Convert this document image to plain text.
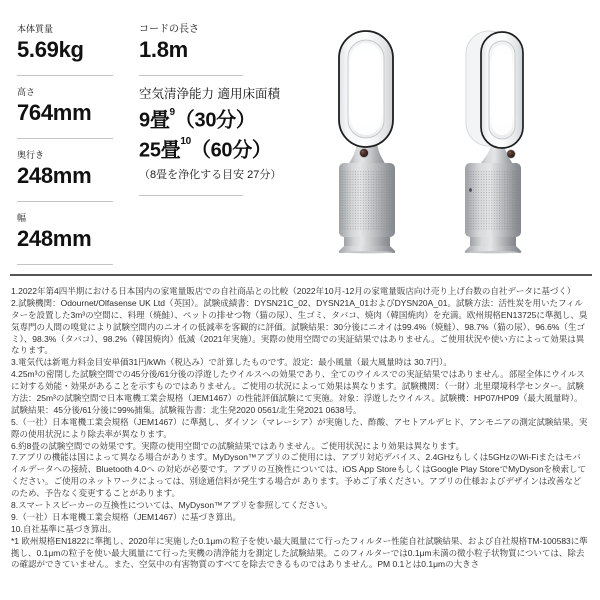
本体質量
5.69kg
高さ
764mm
奥行き
248mm
幅
248mm
コードの長さ
1.8m
空気清浄能力 適用床面積
9畳$^9$（30分）
25畳$^{10}$（60分）
（8畳を浄化する目安 27分）

1.2022年第4四半期における日本国内の家電量販店での自社商品との比較（2022年10月-12月の家電量販店向け売り上げ台数の自社データに基づく）

2.試験機関：Odournet/Olfasense UK Ltd（英国）。試験成績書：DYSN21C_02、DYSN21A_01およびDYSN20A_01。試験方法：活性炭を用いたフィルターを設置した3m³の空間に、料理（焼鮭）、ペットの排せつ物（猫の尿）、生ゴミ、タバコ、焼肉（韓国焼肉）を充満。欧州規格EN13725に準拠し、臭気専門の人間の嗅覚により試験空間内のニオイの低減率を客観的に評価。試験結果：30分後にニオイは99.4%（焼鮭）、98.7%（猫の尿）、96.6%（生ゴミ）、98.3%（タバコ）、98.2%（韓国焼肉）低減（2021年実施）。実際の使用空間での実証結果ではありません。ご使用状況や使い方によって効果は異なります。

3.電気代は新電力料金目安単価31円/kWh（税込み）で計算したものです。設定：最小風量（最大風量時は 30.7円）。

4.25m³の密閉した試験空間での45分後/61分後の浮遊したウイルスへの効果であり、全てのウイルスでの実証結果ではありません。部屋全体にウイルスに対する効能・効果があることを示すものではありません。ご使用の状況によって効果は異なります。試験機関：（一財）北里環境科学センター。試験方法：25m³の試験空間で日本電機工業会規格（JEM1467）の性能評価試験にて実施。対象：浮遊したウイルス。試験機：HP07/HP09（最大風量時）。試験結果：45分後/61分後に99%捕集。試験報告書：北生発2020 0561/北生発2021 0638号。

5.（一社）日本電機工業会規格（JEM1467）に準拠し、ダイソン（マレーシア）が実施した、酢酸、アセトアルデヒド、アンモニアの測定試験結果。実際の使用状況により除去率が異なります。

6.約8畳の試験空間での効果です。実際の使用空間での試験結果ではありません。ご使用状況により効果は異なります。

7.アプリの機能は国によって異なる場合があります。MyDyson™アプリのご使用には、アプリ対応デバイス、2.4GHzもしくは5GHzのWi-Fiまたはモバイルデータへの接続、Bluetooth 4.0へ の対応が必要です。アプリの互換性については、iOS App StoreもしくはGoogle Play StoreでMyDysonを検索してください。ご使用のネットワークによっては、別途通信料が発生する場合が あります。予めご了承ください。アプリの仕様およびデザインは改善などのため、予告なく変更することがあります。

8.スマートスピーカーの互換性については、MyDyson™アプリを参照してください。

9.（一社）日本電機工業会規格（JEM1467）に基づき算出。

10.自社基準に基づき算出。

*1 欧州規格EN1822に準拠し、2020年に実施した0.1μmの粒子を使い最大風量にて行ったフィルター性能自社試験結果、および自社規格TM-100583に準拠し、0.1μmの粒子を使い最大風量にて行った実機の清浄能力を測定した試験結果。このフィルターでは0.1μm未満の微小粒子状物質については、除去の確認ができていません。また、空気中の有害物質のすべてを除去できるものではありません。PM 0.1とは0.1μmの大きさ
